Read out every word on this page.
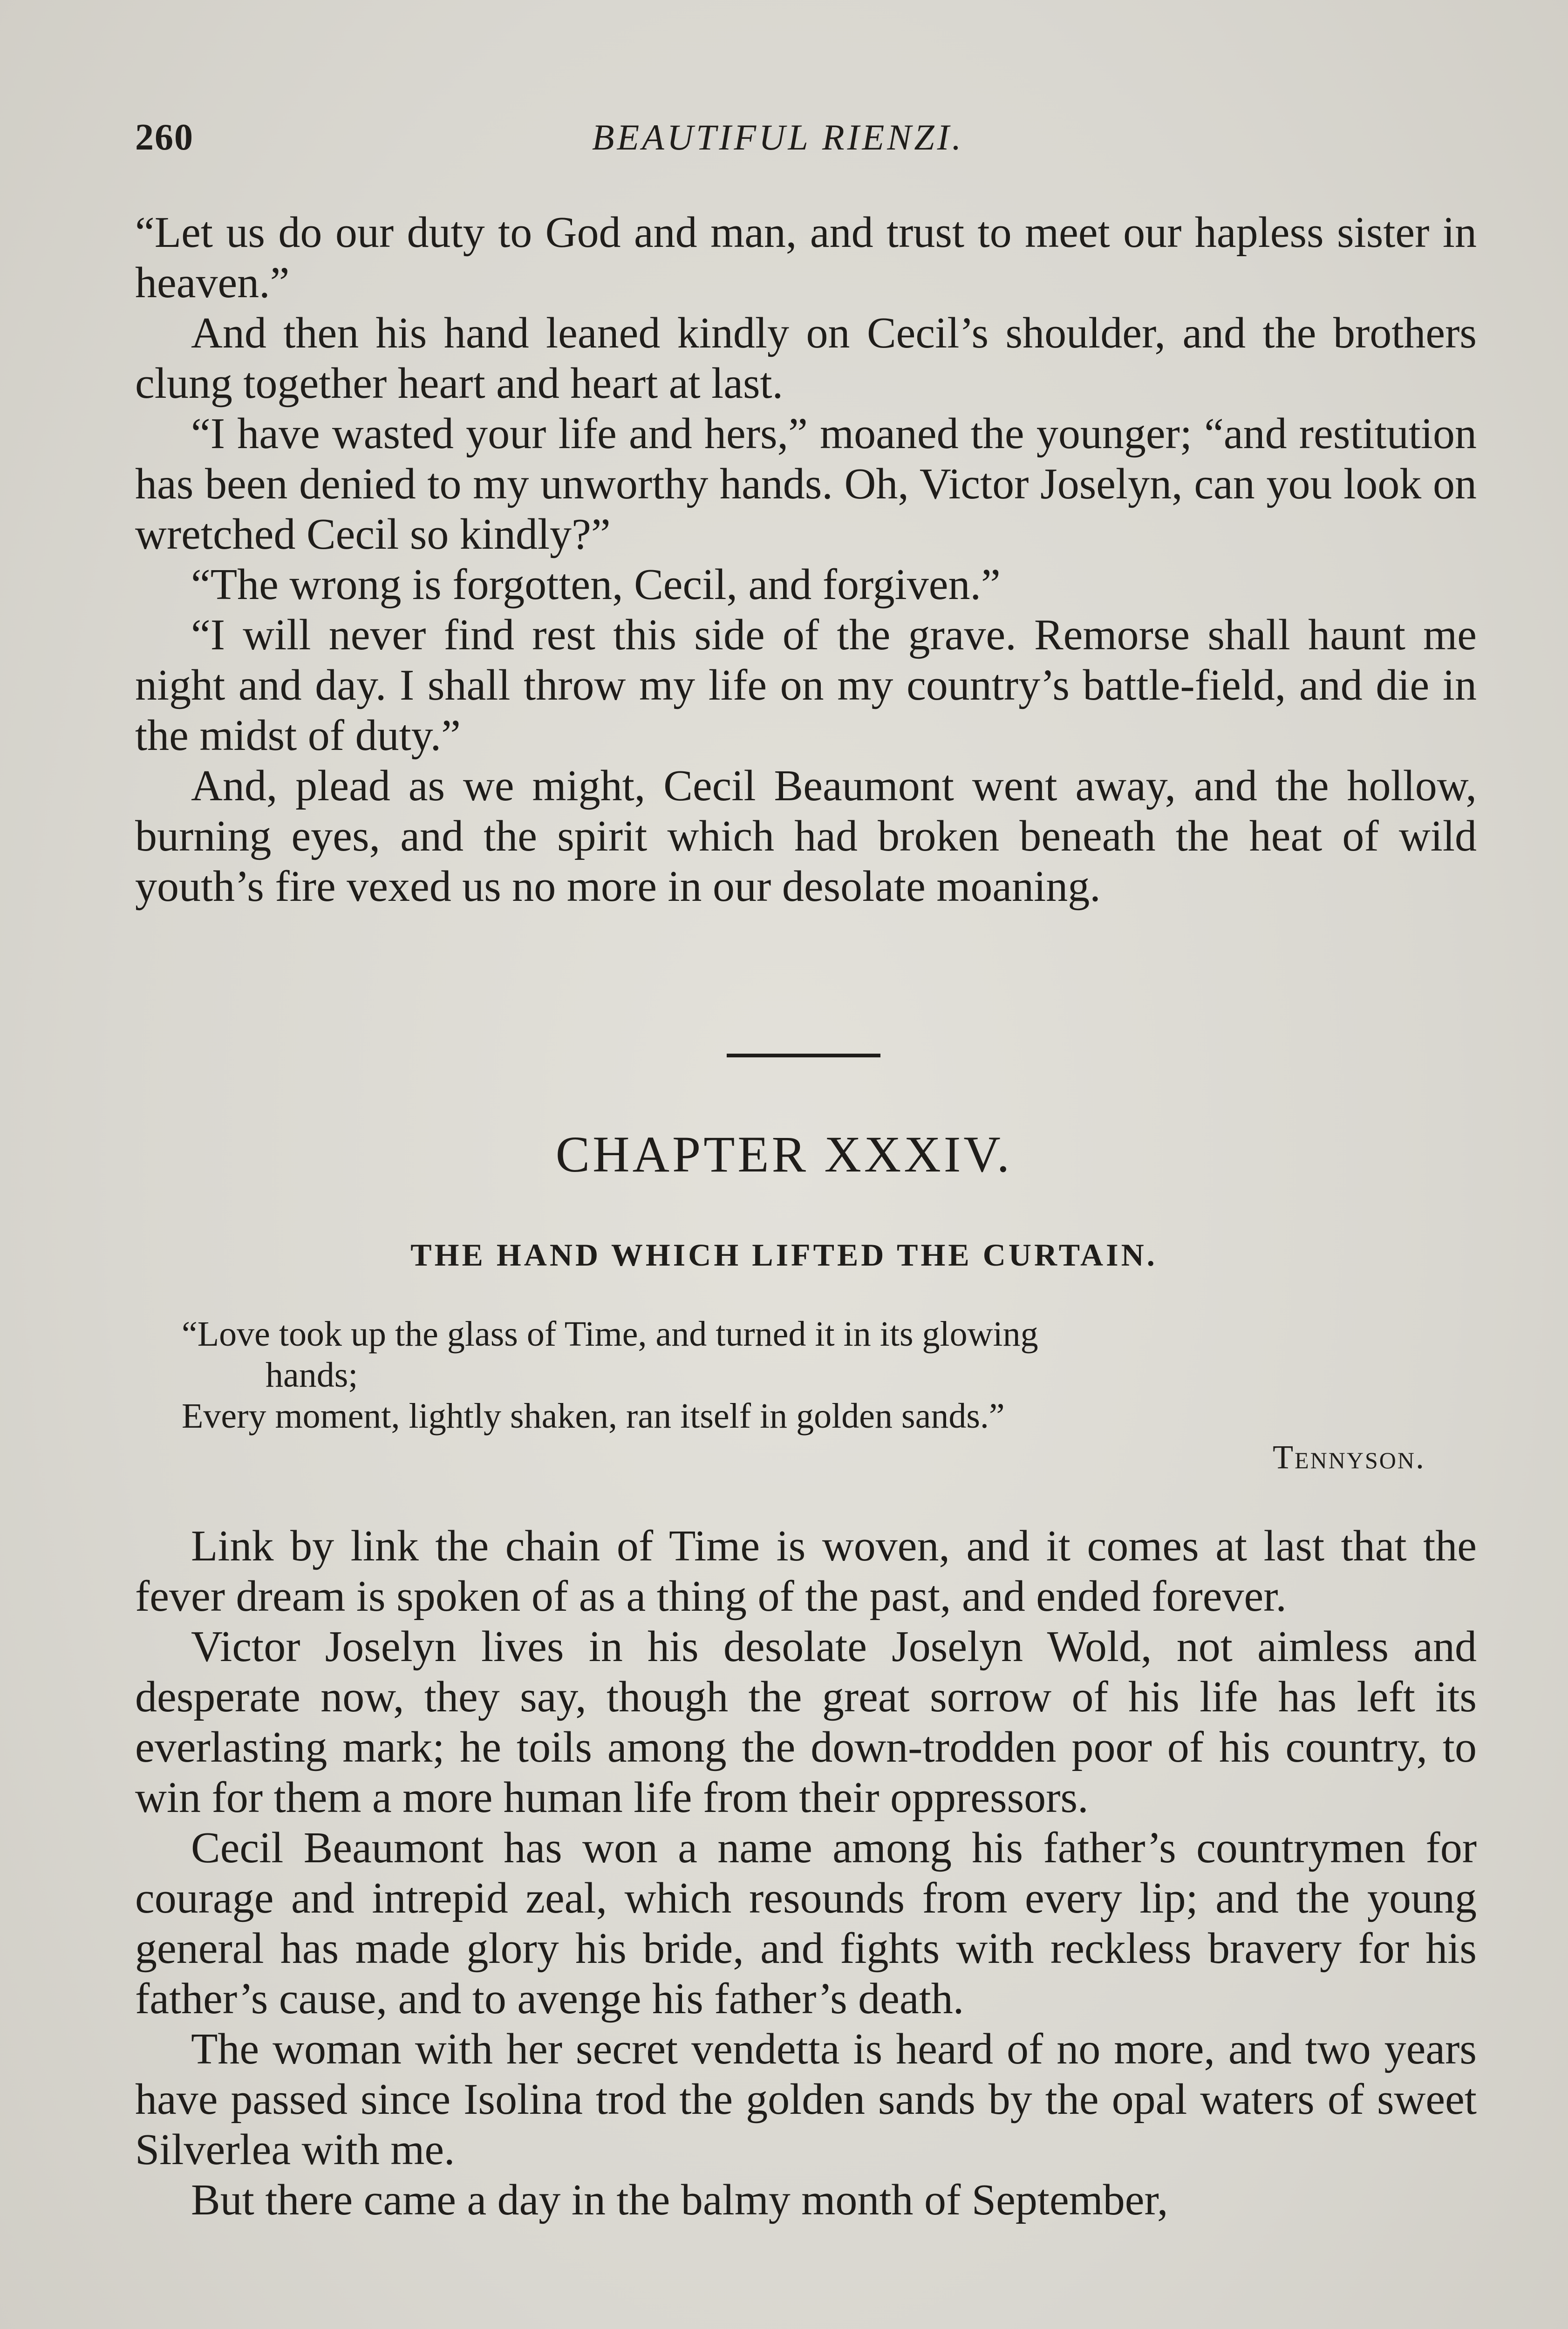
260	BEAUTIFUL RIENZI.

“Let us do our duty to God and man, and trust to meet our hapless sister in heaven.”

And then his hand leaned kindly on Cecil’s shoulder, and the brothers clung together heart and heart at last.

“I have wasted your life and hers,” moaned the younger; “and restitution has been denied to my unworthy hands. Oh, Victor Joselyn, can you look on wretched Cecil so kindly?”

“The wrong is forgotten, Cecil, and forgiven.”

“I will never find rest this side of the grave. Remorse shall haunt me night and day. I shall throw my life on my country’s battle-field, and die in the midst of duty.”

And, plead as we might, Cecil Beaumont went away, and the hollow, burning eyes, and the spirit which had broken beneath the heat of wild youth’s fire vexed us no more in our desolate moaning.

CHAPTER XXXIV.
THE HAND WHICH LIFTED THE CURTAIN.
“Love took up the glass of Time, and turned it in its glowing
hands;
Every moment, lightly shaken, ran itself in golden sands.”
Tennyson.

Link by link the chain of Time is woven, and it comes at last that the fever dream is spoken of as a thing of the past, and ended forever.

Victor Joselyn lives in his desolate Joselyn Wold, not aimless and desperate now, they say, though the great sorrow of his life has left its everlasting mark; he toils among the down-trodden poor of his country, to win for them a more human life from their oppressors.

Cecil Beaumont has won a name among his father’s countrymen for courage and intrepid zeal, which resounds from every lip; and the young general has made glory his bride, and fights with reckless bravery for his father’s cause, and to avenge his father’s death.

The woman with her secret vendetta is heard of no more, and two years have passed since Isolina trod the golden sands by the opal waters of sweet Silverlea with me.

But there came a day in the balmy month of September,
